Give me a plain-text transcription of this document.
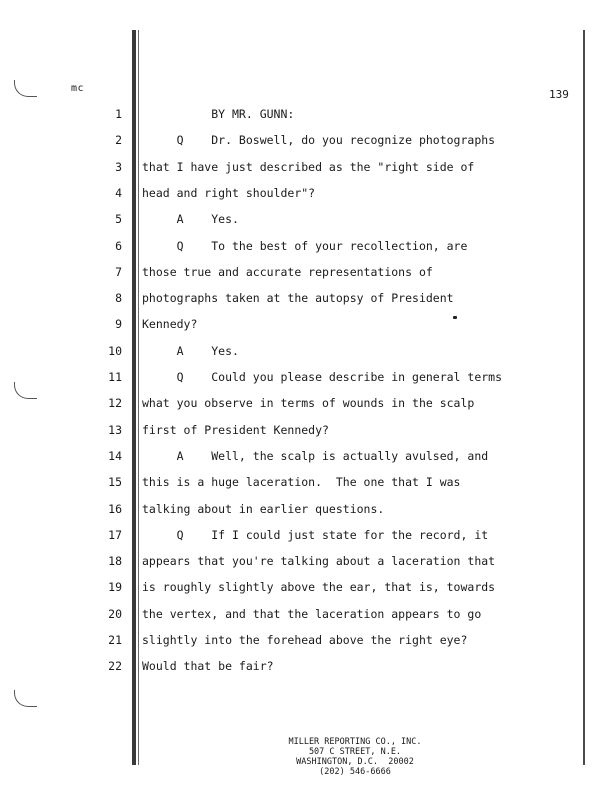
mc	139
1 BY MR. GUNN:
2 Q    Dr. Boswell, do you recognize photographs
3 that I have just described as the "right side of
4 head and right shoulder"?
5 A    Yes.
6 Q    To the best of your recollection, are
7 those true and accurate representations of
8 photographs taken at the autopsy of President
9 Kennedy?
10 A    Yes.
11 Q    Could you please describe in general terms
12 what you observe in terms of wounds in the scalp
13 first of President Kennedy?
14 A    Well, the scalp is actually avulsed, and
15 this is a huge laceration.  The one that I was
16 talking about in earlier questions.
17 Q    If I could just state for the record, it
18 appears that you're talking about a laceration that
19 is roughly slightly above the ear, that is, towards
20 the vertex, and that the laceration appears to go
21 slightly into the forehead above the right eye?
22 Would that be fair?
MILLER REPORTING CO., INC.
507 C STREET, N.E.
WASHINGTON, D.C.  20002
(202) 546-6666
